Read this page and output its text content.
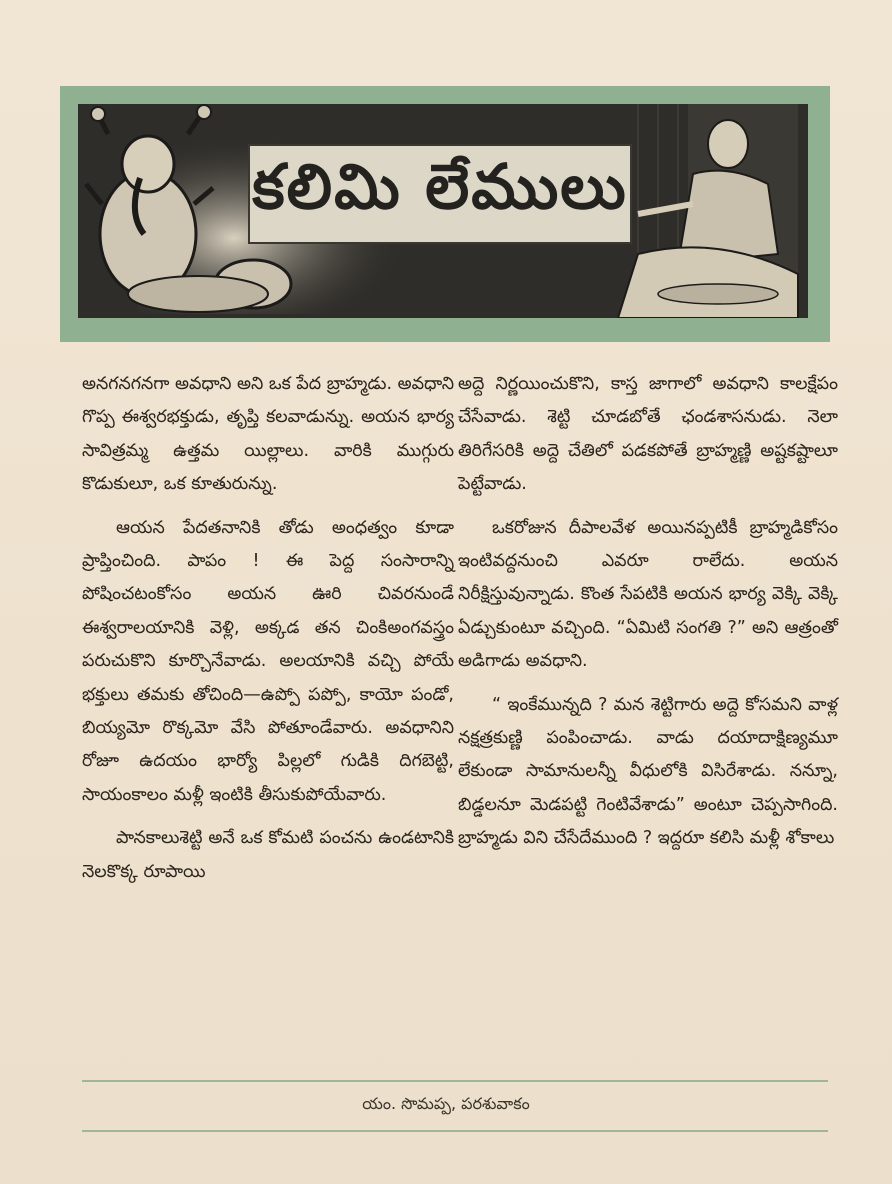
కలిమి లేములు

అనగనగనగా అవధాని అని ఒక పేద బ్రాహ్మడు. అవధాని గొప్ప ఈశ్వరభక్తుడు, తృప్తి కలవాడున్ను. అయన భార్య సావిత్రమ్మ ఉత్తమ యిల్లాలు. వారికి ముగ్గురు కొడుకులూ, ఒక కూతురున్ను.

ఆయన పేదతనానికి తోడు అంధత్వం కూడా ప్రాప్తించింది. పాపం ! ఈ పెద్ద సంసారాన్ని పోషించటంకోసం అయన ఊరి చివరనుండే ఈశ్వరాలయానికి వెళ్లి, అక్కడ తన చింకిఅంగవస్త్రం పరుచుకొని కూర్చొనేవాడు. అలయానికి వచ్చి పోయే భక్తులు తమకు తోచింది—ఉప్పో పప్పో, కాయో పండో, బియ్యమో రొక్కమో వేసి పోతూండేవారు. అవధానిని రోజూ ఉదయం భార్యో పిల్లలో గుడికి దిగబెట్టి, సాయంకాలం మళ్లీ ఇంటికి తీసుకుపోయేవారు.

పానకాలుశెట్టి అనే ఒక కోమటి పంచను ఉండటానికి నెలకొక్క రూపాయి

అద్దె నిర్ణయించుకొని, కాస్త జాగాలో అవధాని కాలక్షేపం చేసేవాడు. శెట్టి చూడబోతే ఛండశాసనుడు. నెలా తిరిగేసరికి అద్దె చేతిలో పడకపోతే బ్రాహ్మణ్ణి అష్టకష్టాలూ పెట్టేవాడు.

ఒకరోజున దీపాలవేళ అయినప్పటికీ బ్రాహ్మడికోసం ఇంటివద్దనుంచి ఎవరూ రాలేదు. అయన నిరీక్షిస్తువున్నాడు. కొంత సేపటికి అయన భార్య వెక్కి వెక్కి ఏడ్చుకుంటూ వచ్చింది. “ఏమిటి సంగతి ?” అని ఆత్రంతో అడిగాడు అవధాని.

“ ఇంకేమున్నది ? మన శెట్టిగారు అద్దె కోసమని వాళ్ల నక్షత్రకుణ్ణి పంపించాడు. వాడు దయాదాక్షిణ్యమూ లేకుండా సామానులన్నీ వీధులోకి విసిరేశాడు. నన్నూ, బిడ్డలనూ మెడపట్టి గెంటివేశాడు” అంటూ చెప్పసాగింది. బ్రాహ్మడు విని చేసేదేముంది ? ఇద్దరూ కలిసి మళ్లీ శోకాలు

యం. సొమప్ప, పరశువాకం
